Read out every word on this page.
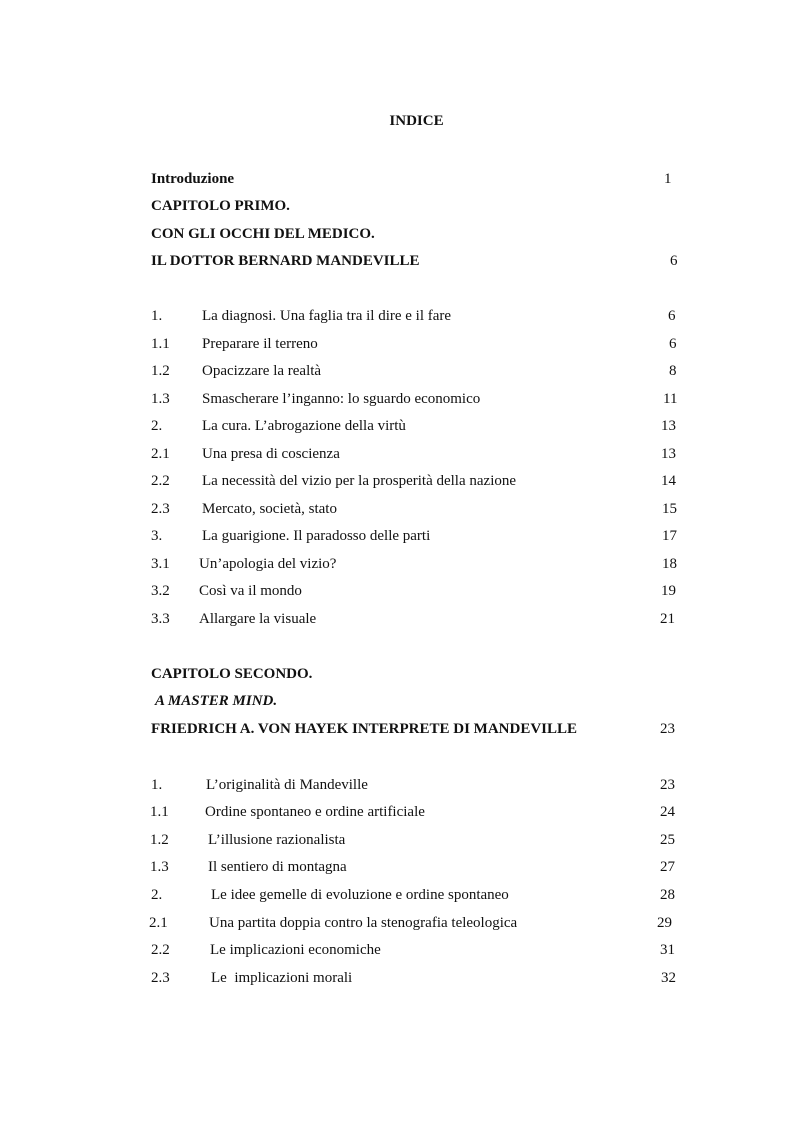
INDICE
Introduzione	1
CAPITOLO PRIMO.
CON GLI OCCHI DEL MEDICO.
IL DOTTOR BERNARD MANDEVILLE	6
1.	La diagnosi. Una faglia tra il dire e il fare	6
1.1 Preparare il terreno	6
1.2 Opacizzare la realtà	8
1.3 Smascherare l’inganno: lo sguardo economico	11
2.	La cura. L’abrogazione della virtù	13
2.1 Una presa di coscienza	13
2.2 La necessità del vizio per la prosperità della nazione	14
2.3 Mercato, società, stato	15
3.	La guarigione. Il paradosso delle parti	17
3.1 Un’apologia del vizio?	18
3.2 Così va il mondo	19
3.3 Allargare la visuale	21
CAPITOLO SECONDO.
A MASTER MIND.
FRIEDRICH A. VON HAYEK INTERPRETE DI MANDEVILLE	23
1.	L’originalità di Mandeville	23
1.1 Ordine spontaneo e ordine artificiale	24
1.2	L’illusione razionalista	25
1.3	Il sentiero di montagna	27
2.	Le idee gemelle di evoluzione e ordine spontaneo	28
2.1	Una partita doppia contro la stenografia teleologica	29
2.2	Le implicazioni economiche	31
2.3	Le  implicazioni morali	32
